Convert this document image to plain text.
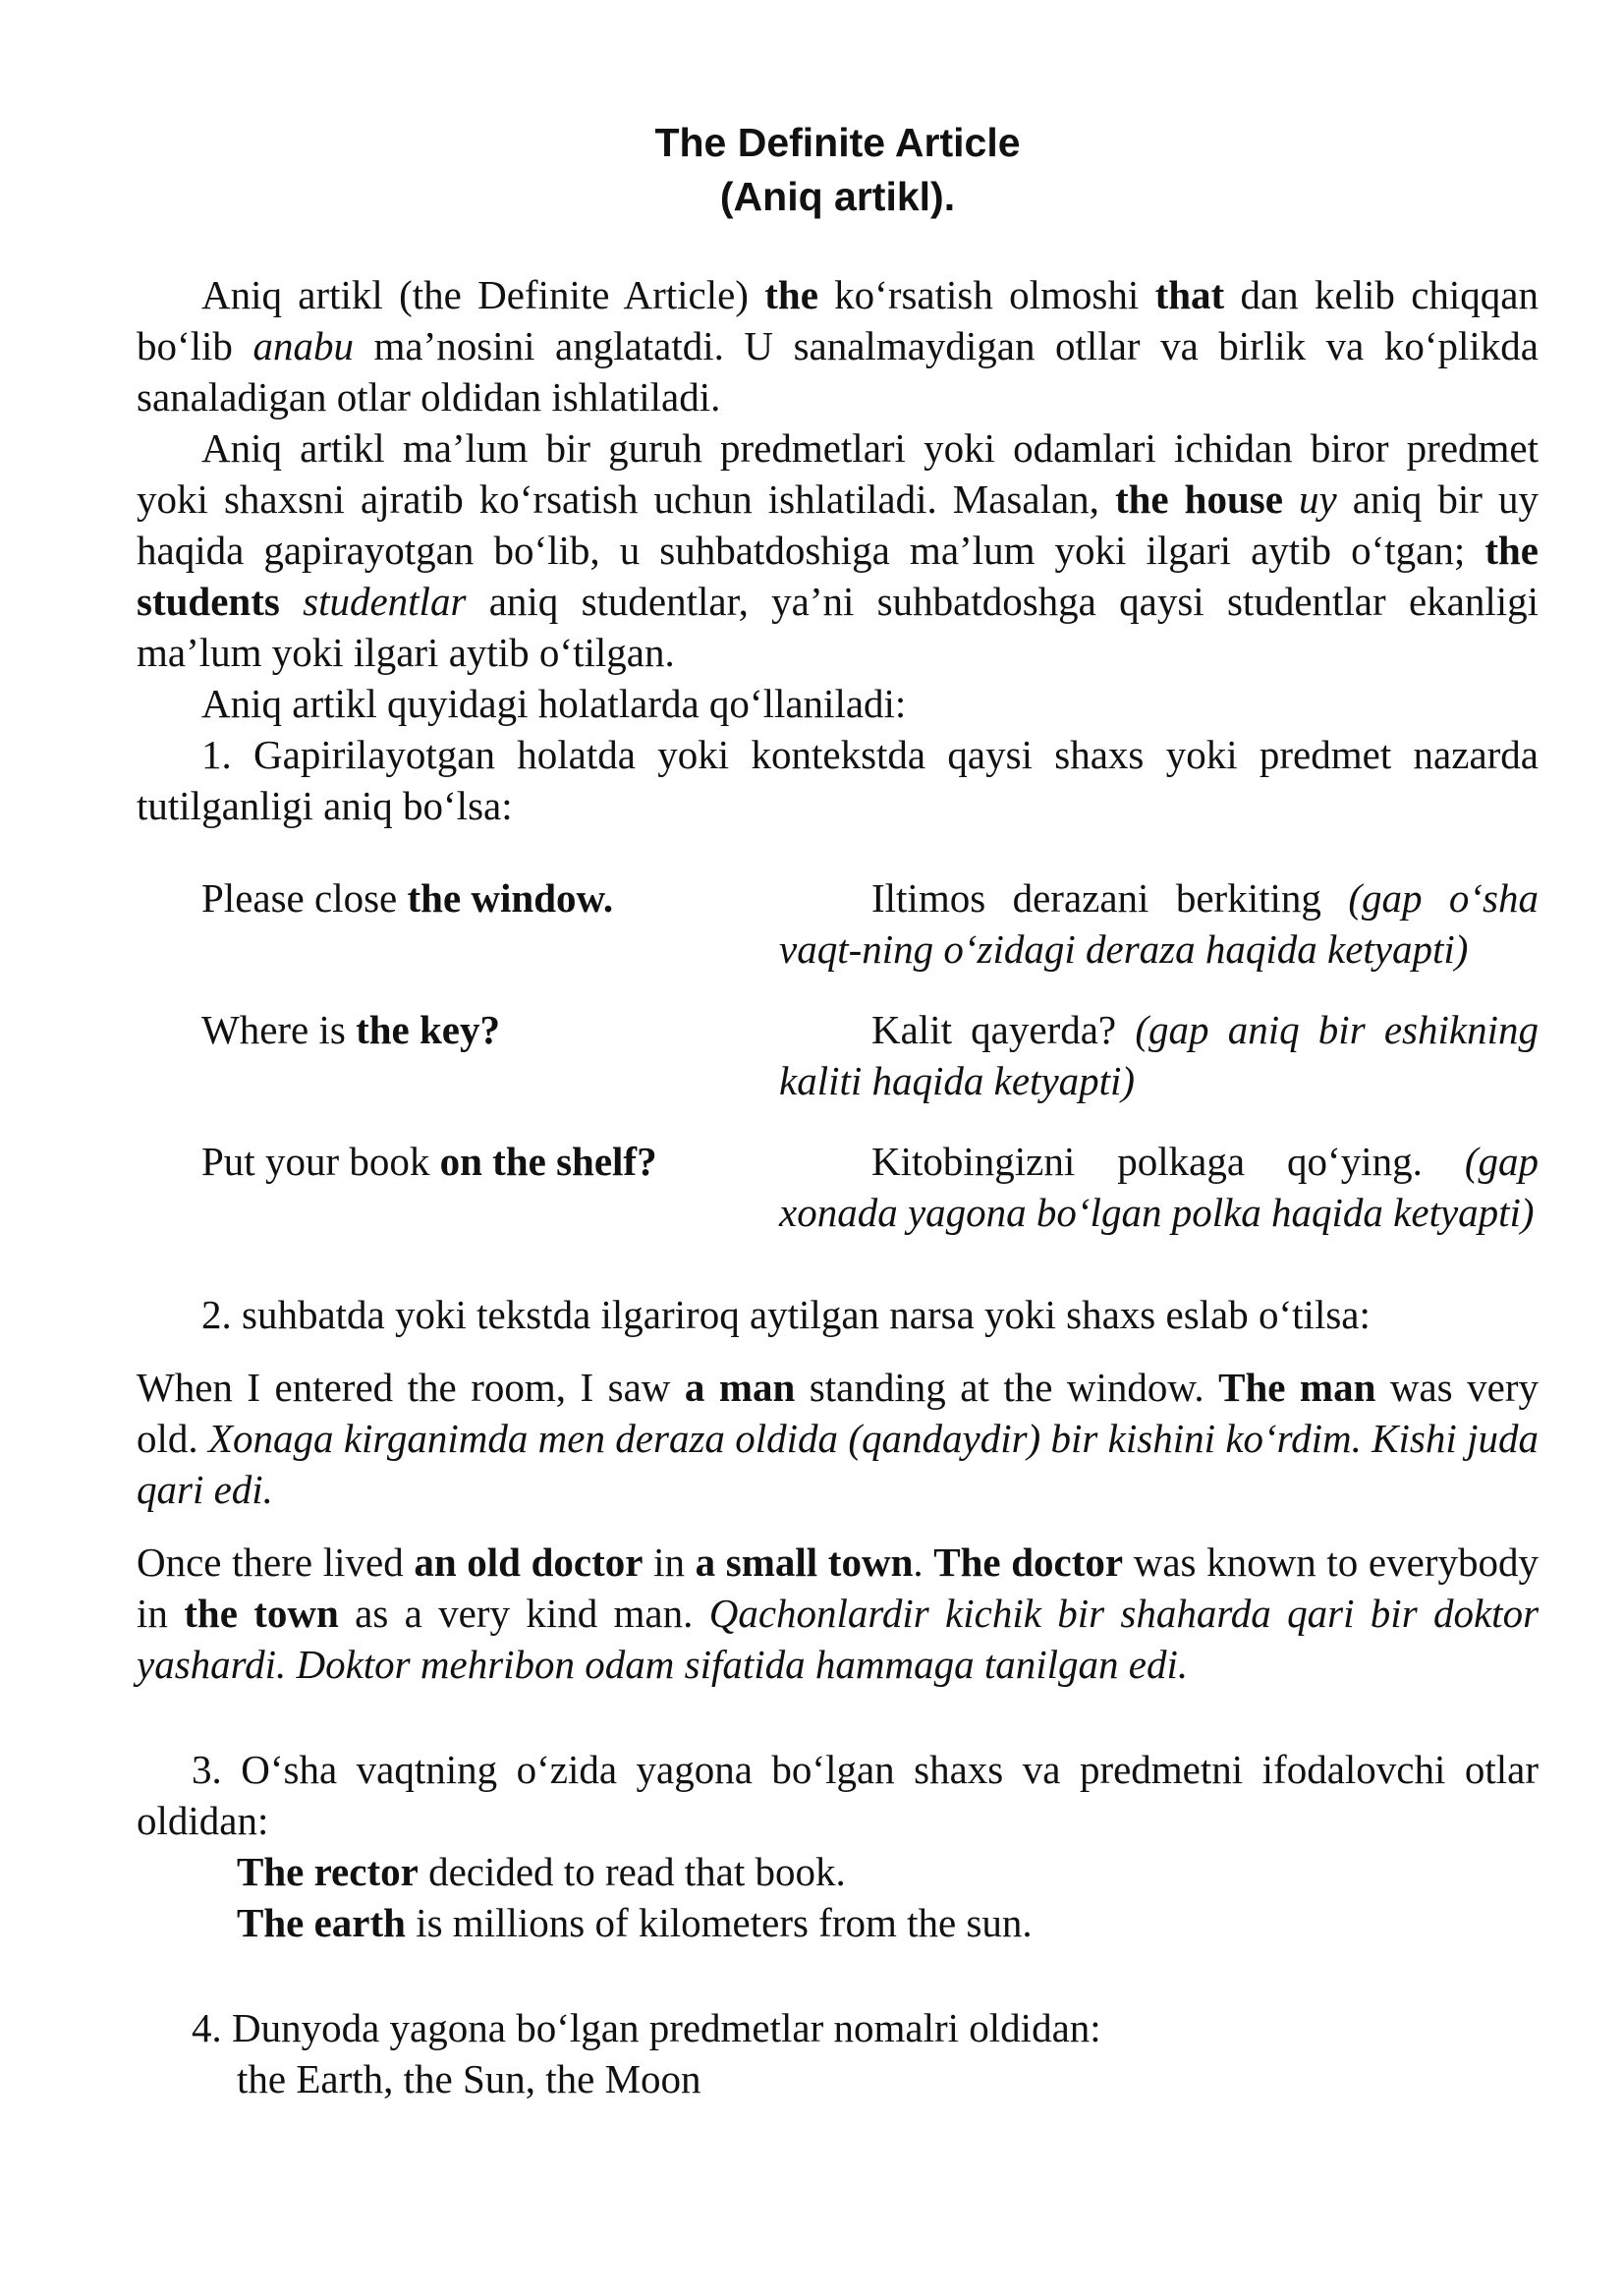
The Definite Article
(Aniq artikl).

Aniq artikl (the Definite Article) the ko‘rsatish olmoshi that dan kelib chiqqan bo‘lib anabu ma’nosini anglatatdi. U sanalmaydigan otllar va birlik va ko‘plikda sanaladigan otlar oldidan ishlatiladi.

Aniq artikl ma’lum bir guruh predmetlari yoki odamlari ichidan biror predmet yoki shaxsni ajratib ko‘rsatish uchun ishlatiladi. Masalan, the house uy aniq bir uy haqida gapirayotgan bo‘lib, u suhbatdoshiga ma’lum yoki ilgari aytib o‘tgan; the students studentlar aniq studentlar, ya’ni suhbatdoshga qaysi studentlar ekanligi ma’lum yoki ilgari aytib o‘tilgan.

Aniq artikl quyidagi holatlarda qo‘llaniladi:

1. Gapirilayotgan holatda yoki kontekstda qaysi shaxs yoki predmet nazarda tutilganligi aniq bo‘lsa:

Please close the window.	Iltimos derazani berkiting (gap o‘sha vaqt-ning o‘zidagi deraza haqida ketyapti)
Where is the key?	Kalit qayerda? (gap aniq bir eshikning kaliti haqida ketyapti)
Put your book on the shelf?	Kitobingizni polkaga qo‘ying. (gap xonada yagona bo‘lgan polka haqida ketyapti)

2. suhbatda yoki tekstda ilgariroq aytilgan narsa yoki shaxs eslab o‘tilsa:

When I entered the room, I saw a man standing at the window. The man was very old. Xonaga kirganimda men deraza oldida (qandaydir) bir kishini ko‘rdim. Kishi juda qari edi.

Once there lived an old doctor in a small town. The doctor was known to everybody in the town as a very kind man. Qachonlardir kichik bir shaharda qari bir doktor yashardi. Doktor mehribon odam sifatida hammaga tanilgan edi.

3. O‘sha vaqtning o‘zida yagona bo‘lgan shaxs va predmetni ifodalovchi otlar oldidan:

The rector decided to read that book.
The earth is millions of kilometers from the sun.
4. Dunyoda yagona bo‘lgan predmetlar nomalri oldidan:
the Earth, the Sun, the Moon
